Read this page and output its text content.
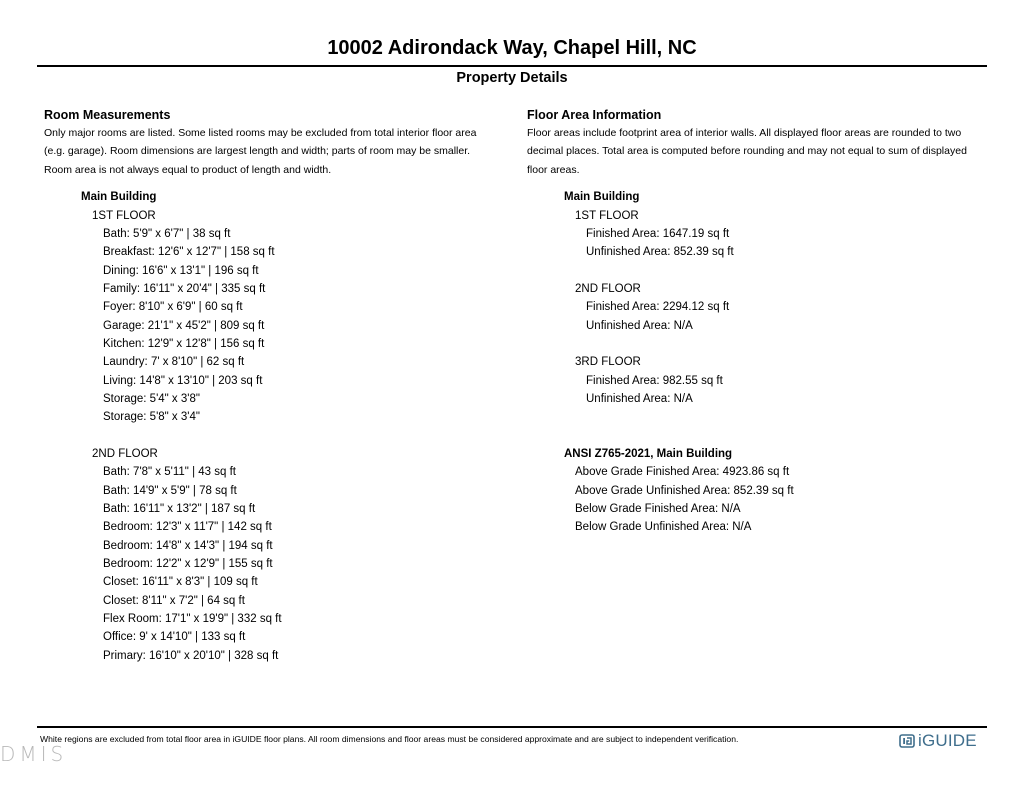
10002 Adirondack Way, Chapel Hill, NC
Property Details
Room Measurements
Only major rooms are listed. Some listed rooms may be excluded from total interior floor area
(e.g. garage). Room dimensions are largest length and width; parts of room may be smaller.
Room area is not always equal to product of length and width.
Main Building
1ST FLOOR
Bath: 5'9" x 6'7" | 38 sq ft
Breakfast: 12'6" x 12'7" | 158 sq ft
Dining: 16'6" x 13'1" | 196 sq ft
Family: 16'11" x 20'4" | 335 sq ft
Foyer: 8'10" x 6'9" | 60 sq ft
Garage: 21'1" x 45'2" | 809 sq ft
Kitchen: 12'9" x 12'8" | 156 sq ft
Laundry: 7' x 8'10" | 62 sq ft
Living: 14'8" x 13'10" | 203 sq ft
Storage: 5'4" x 3'8"
Storage: 5'8" x 3'4"
2ND FLOOR
Bath: 7'8" x 5'11" | 43 sq ft
Bath: 14'9" x 5'9" | 78 sq ft
Bath: 16'11" x 13'2" | 187 sq ft
Bedroom: 12'3" x 11'7" | 142 sq ft
Bedroom: 14'8" x 14'3" | 194 sq ft
Bedroom: 12'2" x 12'9" | 155 sq ft
Closet: 16'11" x 8'3" | 109 sq ft
Closet: 8'11" x 7'2" | 64 sq ft
Flex Room: 17'1" x 19'9" | 332 sq ft
Office: 9' x 14'10" | 133 sq ft
Primary: 16'10" x 20'10" | 328 sq ft
Floor Area Information
Floor areas include footprint area of interior walls. All displayed floor areas are rounded to two
decimal places. Total area is computed before rounding and may not equal to sum of displayed
floor areas.
Main Building
1ST FLOOR
Finished Area: 1647.19 sq ft
Unfinished Area: 852.39 sq ft
2ND FLOOR
Finished Area: 2294.12 sq ft
Unfinished Area: N/A
3RD FLOOR
Finished Area: 982.55 sq ft
Unfinished Area: N/A
ANSI Z765-2021, Main Building
Above Grade Finished Area: 4923.86 sq ft
Above Grade Unfinished Area: 852.39 sq ft
Below Grade Finished Area: N/A
Below Grade Unfinished Area: N/A
White regions are excluded from total floor area in iGUIDE floor plans. All room dimensions and floor areas must be considered approximate and are subject to independent verification.	iGUIDE
DMIS
